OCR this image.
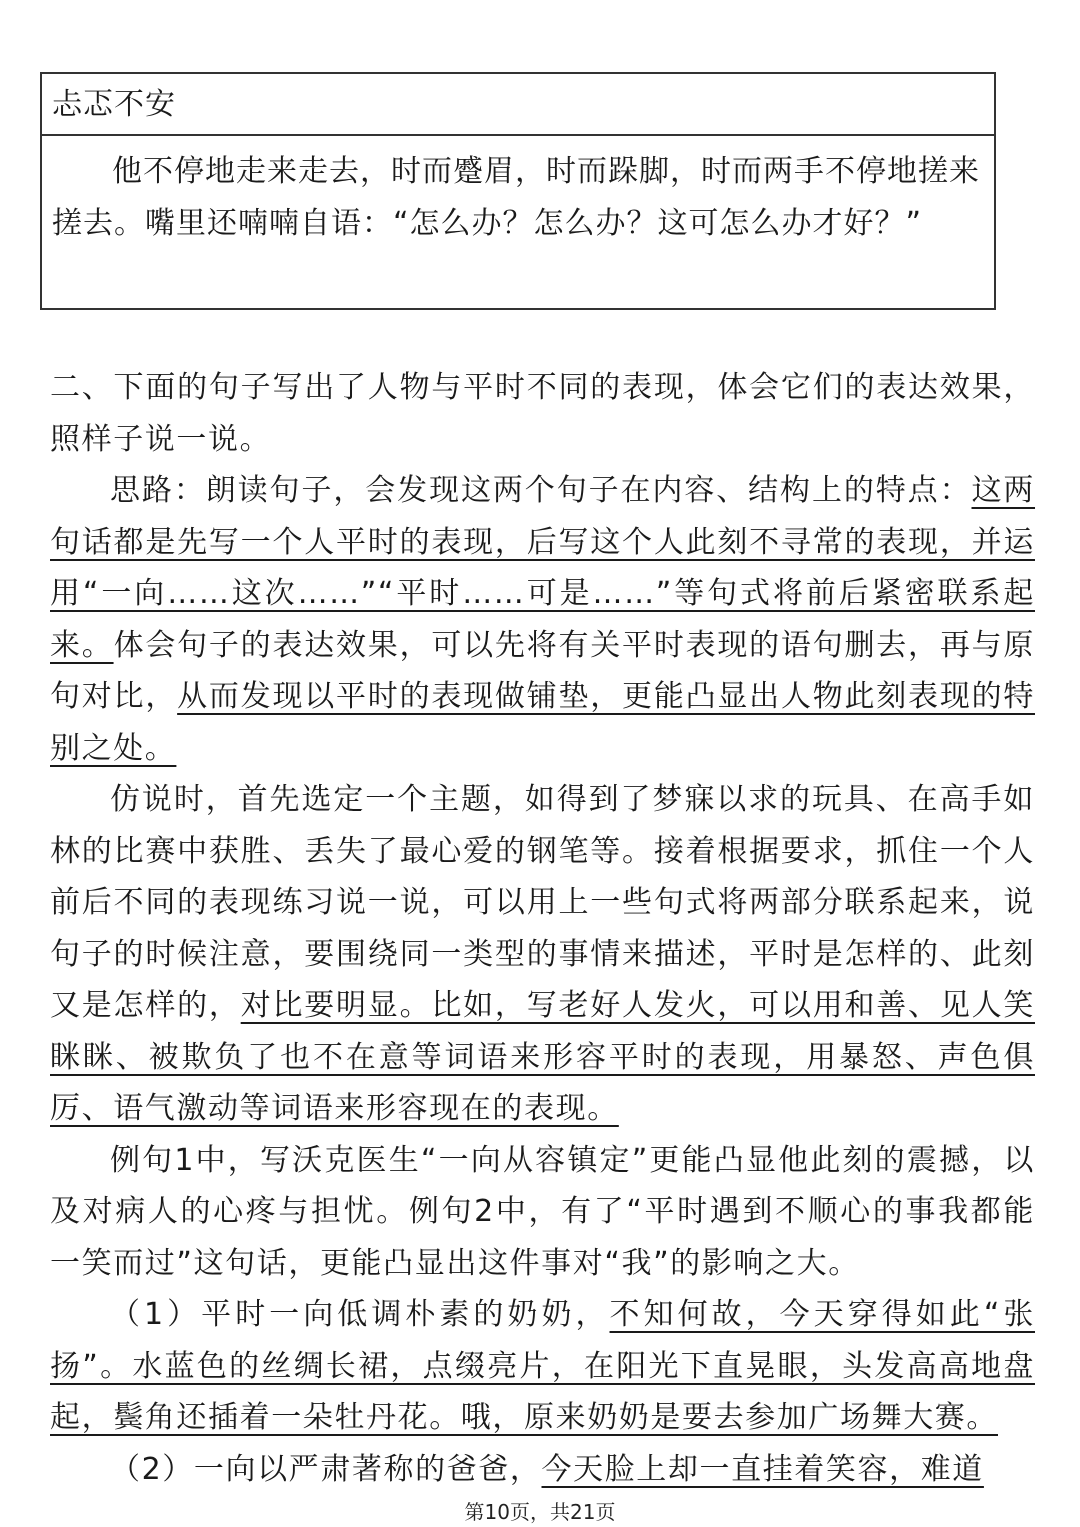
忐忑不安
他不停地走来走去，时而蹙眉，时而跺脚，时而两手不停地搓来搓去。嘴里还喃喃自语：“怎么办？怎么办？这可怎么办才好？”

二、下面的句子写出了人物与平时不同的表现，体会它们的表达效果，照样子说一说。

思路：朗读句子，会发现这两个句子在内容、结构上的特点：这两句话都是先写一个人平时的表现，后写这个人此刻不寻常的表现，并运用“一向……这次……”“平时……可是……”等句式将前后紧密联系起来。体会句子的表达效果，可以先将有关平时表现的语句删去，再与原句对比，从而发现以平时的表现做铺垫，更能凸显出人物此刻表现的特别之处。

仿说时，首先选定一个主题，如得到了梦寐以求的玩具、在高手如林的比赛中获胜、丢失了最心爱的钢笔等。接着根据要求，抓住一个人前后不同的表现练习说一说，可以用上一些句式将两部分联系起来，说句子的时候注意，要围绕同一类型的事情来描述，平时是怎样的、此刻又是怎样的，对比要明显。比如，写老好人发火，可以用和善、见人笑眯眯、被欺负了也不在意等词语来形容平时的表现，用暴怒、声色俱厉、语气激动等词语来形容现在的表现。

例句1中，写沃克医生“一向从容镇定”更能凸显他此刻的震撼，以及对病人的心疼与担忧。例句2中，有了“平时遇到不顺心的事我都能一笑而过”这句话，更能凸显出这件事对“我”的影响之大。

（1）平时一向低调朴素的奶奶，不知何故，今天穿得如此“张扬”。水蓝色的丝绸长裙，点缀亮片，在阳光下直晃眼，头发高高地盘起，鬓角还插着一朵牡丹花。哦，原来奶奶是要去参加广场舞大赛。

（2）一向以严肃著称的爸爸，今天脸上却一直挂着笑容，难道

第10页，共21页
